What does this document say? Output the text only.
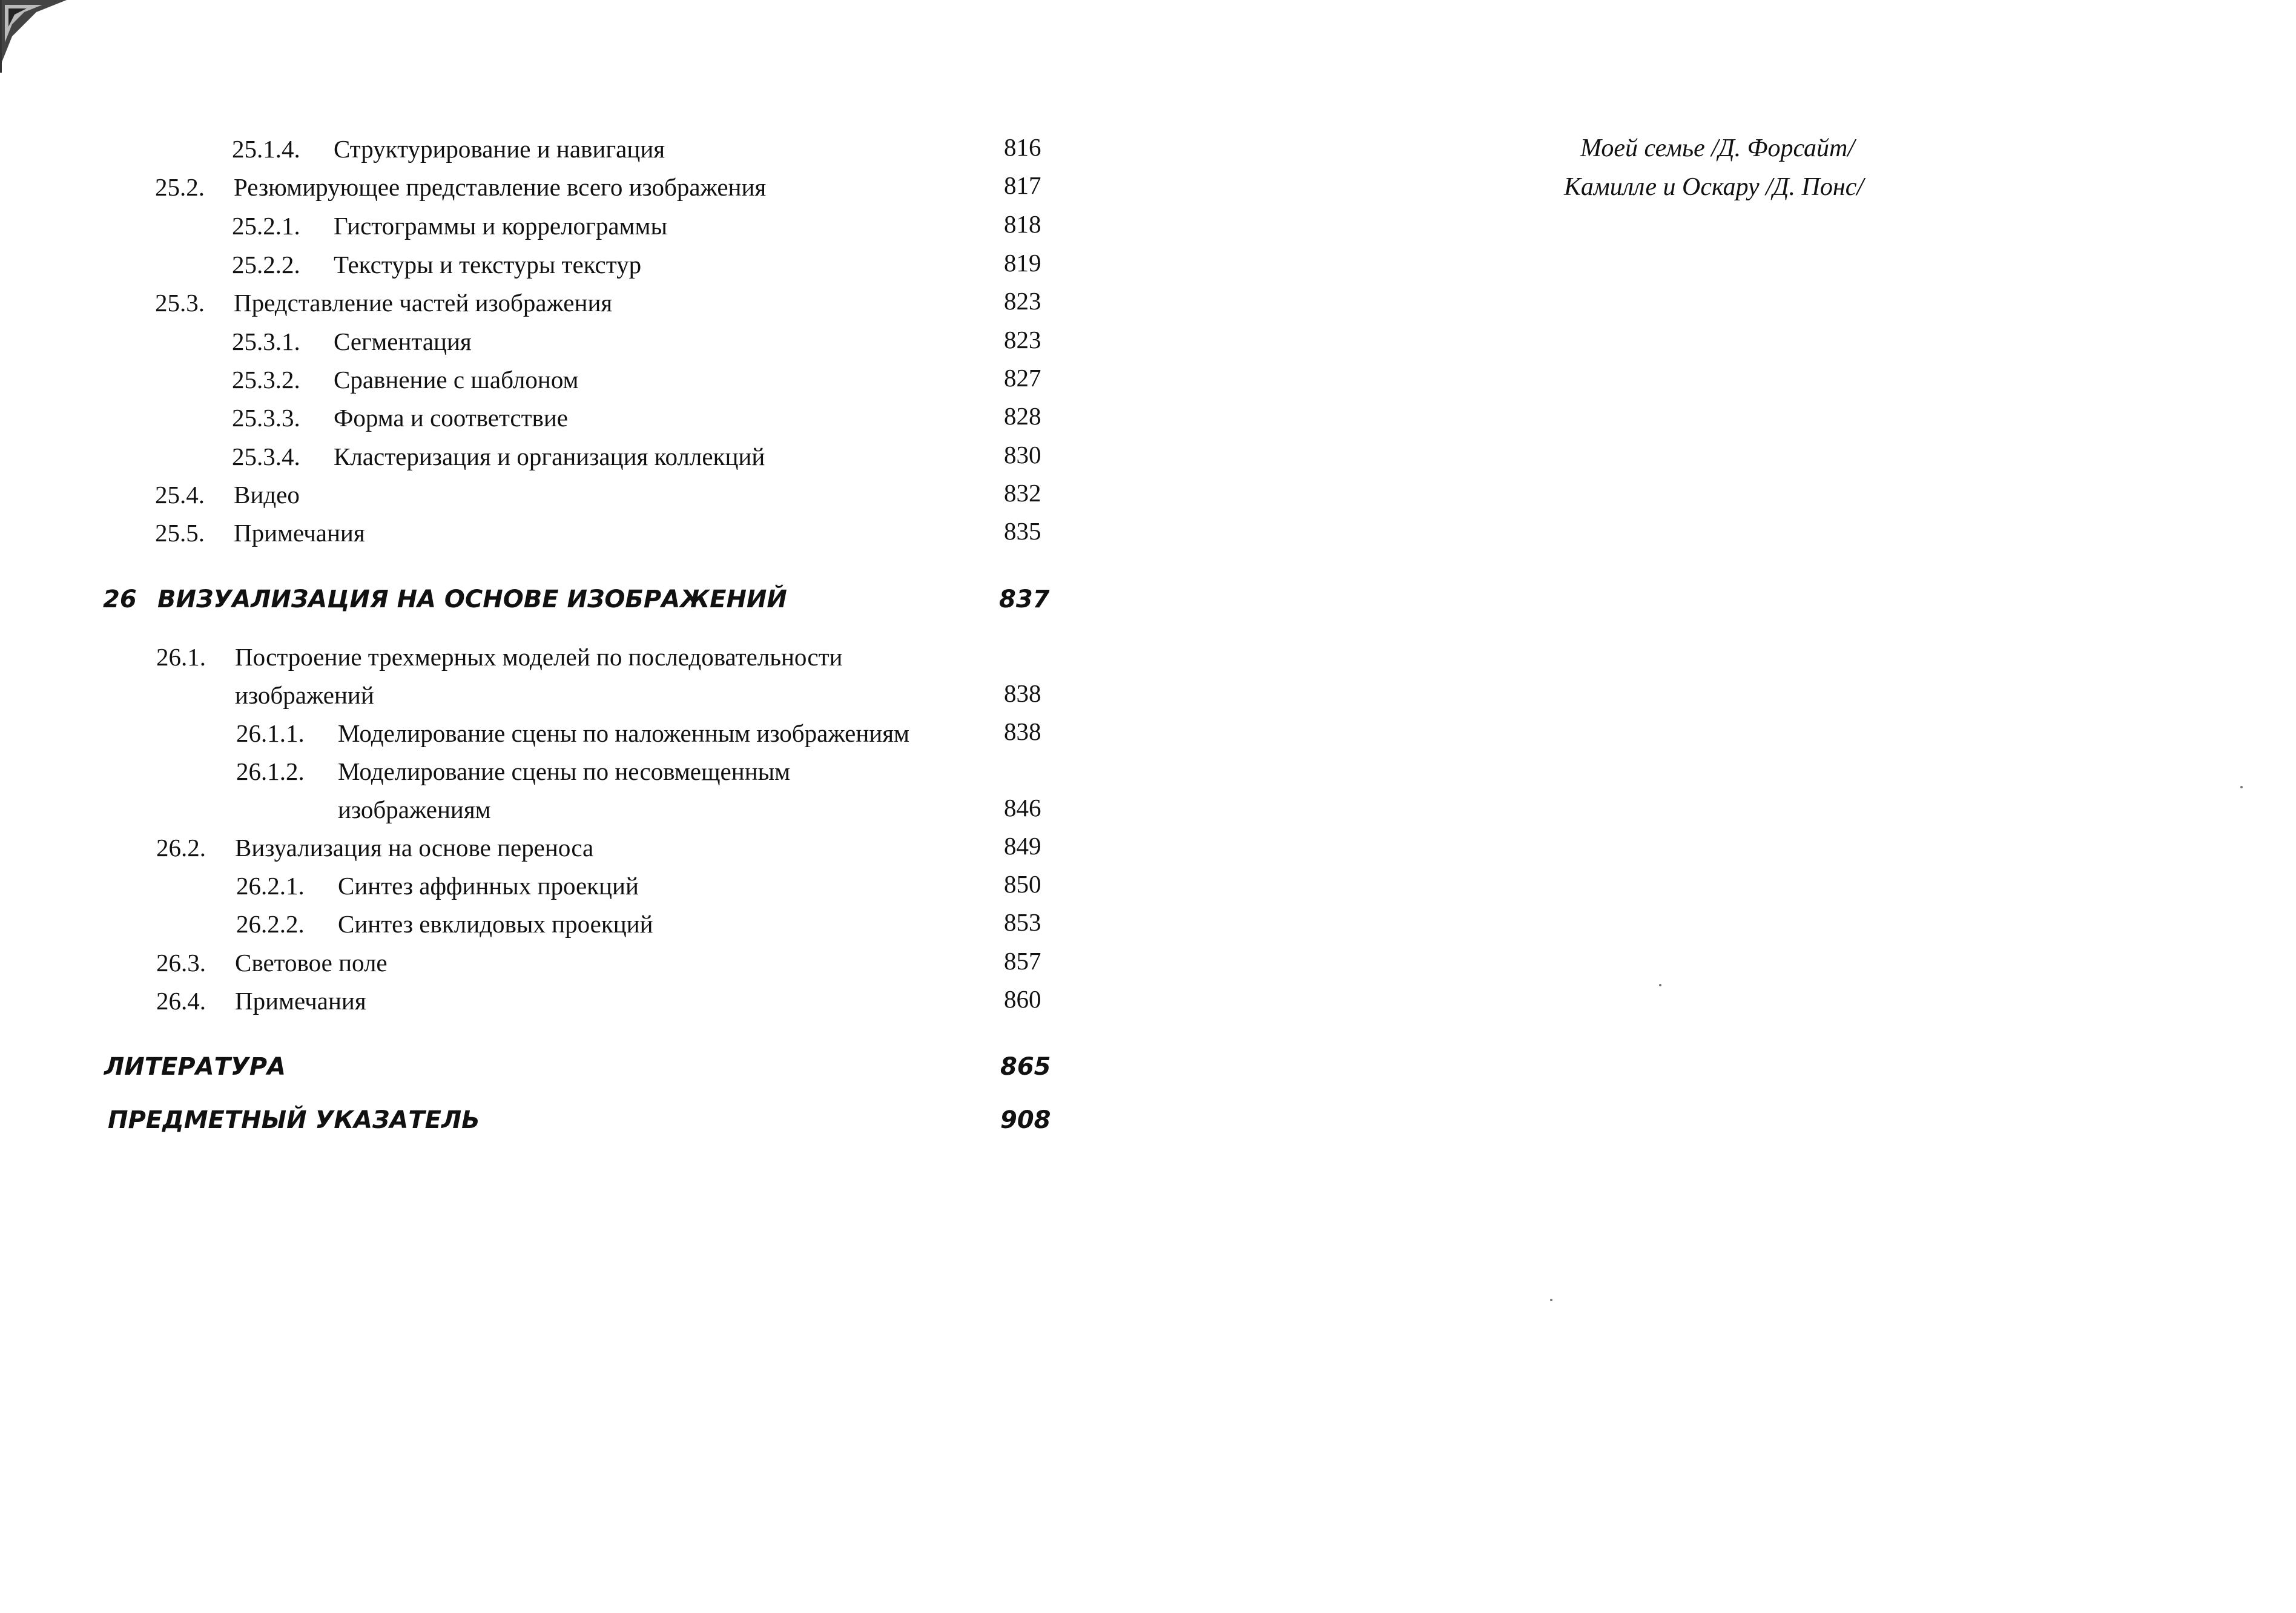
25.1.4. Структурирование и навигация	816
25.2. Резюмирующее представление всего изображения	817
25.2.1. Гистограммы и коррелограммы	818
25.2.2. Текстуры и текстуры текстур	819
25.3. Представление частей изображения	823
25.3.1. Сегментация	823
25.3.2. Сравнение с шаблоном	827
25.3.3. Форма и соответствие	828
25.3.4. Кластеризация и организация коллекций	830
25.4. Видео	832
25.5. Примечания	835
26 ВИЗУАЛИЗАЦИЯ НА ОСНОВЕ ИЗОБРАЖЕНИЙ	837
26.1. Построение трехмерных моделей по последовательности
изображений	838
26.1.1. Моделирование сцены по наложенным изображениям	838
26.1.2. Моделирование сцены по несовмещенным
изображениям	846
26.2. Визуализация на основе переноса	849
26.2.1. Синтез аффинных проекций	850
26.2.2. Синтез евклидовых проекций	853
26.3. Световое поле	857
26.4. Примечания	860
ЛИТЕРАТУРА	865
ПРЕДМЕТНЫЙ УКАЗАТЕЛЬ	908
Моей семье /Д. Форсайт/
Камилле и Оскару /Д. Понс/
